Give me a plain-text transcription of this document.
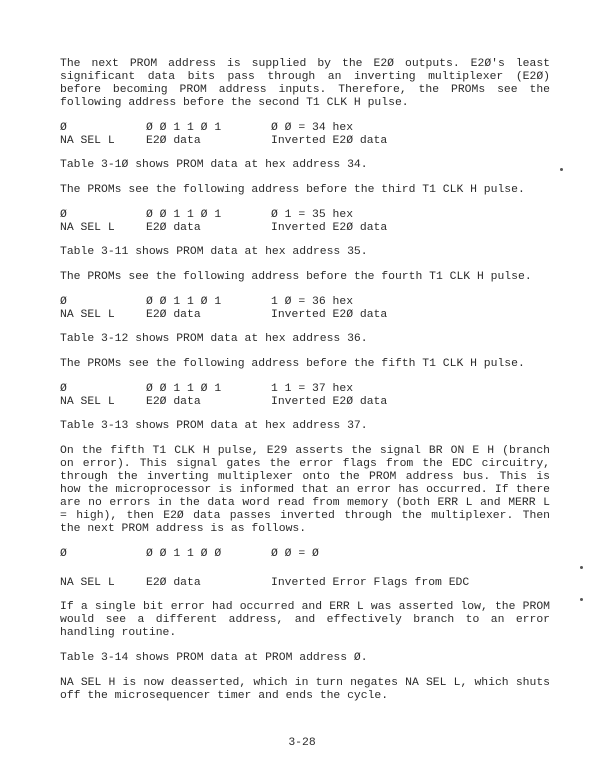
The next PROM address is supplied by the E2Ø outputs. E2Ø's least significant data bits pass through an inverting multiplexer (E2Ø) before becoming PROM address inputs. Therefore, the PROMs see the following address before the second T1 CLK H pulse.

Ø	Ø Ø 1 1 Ø 1	Ø Ø = 34 hex
NA SEL L	E2Ø data	Inverted E2Ø data

Table 3-1Ø shows PROM data at hex address 34.

The PROMs see the following address before the third T1 CLK H pulse.

Ø	Ø Ø 1 1 Ø 1	Ø 1 = 35 hex
NA SEL L	E2Ø data	Inverted E2Ø data

Table 3-11 shows PROM data at hex address 35.

The PROMs see the following address before the fourth T1 CLK H pulse.

Ø	Ø Ø 1 1 Ø 1	1 Ø = 36 hex
NA SEL L	E2Ø data	Inverted E2Ø data

Table 3-12 shows PROM data at hex address 36.

The PROMs see the following address before the fifth T1 CLK H pulse.

Ø	Ø Ø 1 1 Ø 1	1 1 = 37 hex
NA SEL L	E2Ø data	Inverted E2Ø data

Table 3-13 shows PROM data at hex address 37.

On the fifth T1 CLK H pulse, E29 asserts the signal BR ON E H (branch on error). This signal gates the error flags from the EDC circuitry, through the inverting multiplexer onto the PROM address bus. This is how the microprocessor is informed that an error has occurred. If there are no errors in the data word read from memory (both ERR L and MERR L = high), then E2Ø data passes inverted through the multiplexer. Then the next PROM address is as follows.

Ø	Ø Ø 1 1 Ø Ø	Ø Ø = Ø
NA SEL L	E2Ø data	Inverted Error Flags from EDC

If a single bit error had occurred and ERR L was asserted low, the PROM would see a different address, and effectively branch to an error handling routine.

Table 3-14 shows PROM data at PROM address Ø.

NA SEL H is now deasserted, which in turn negates NA SEL L, which shuts off the microsequencer timer and ends the cycle.

3-28
